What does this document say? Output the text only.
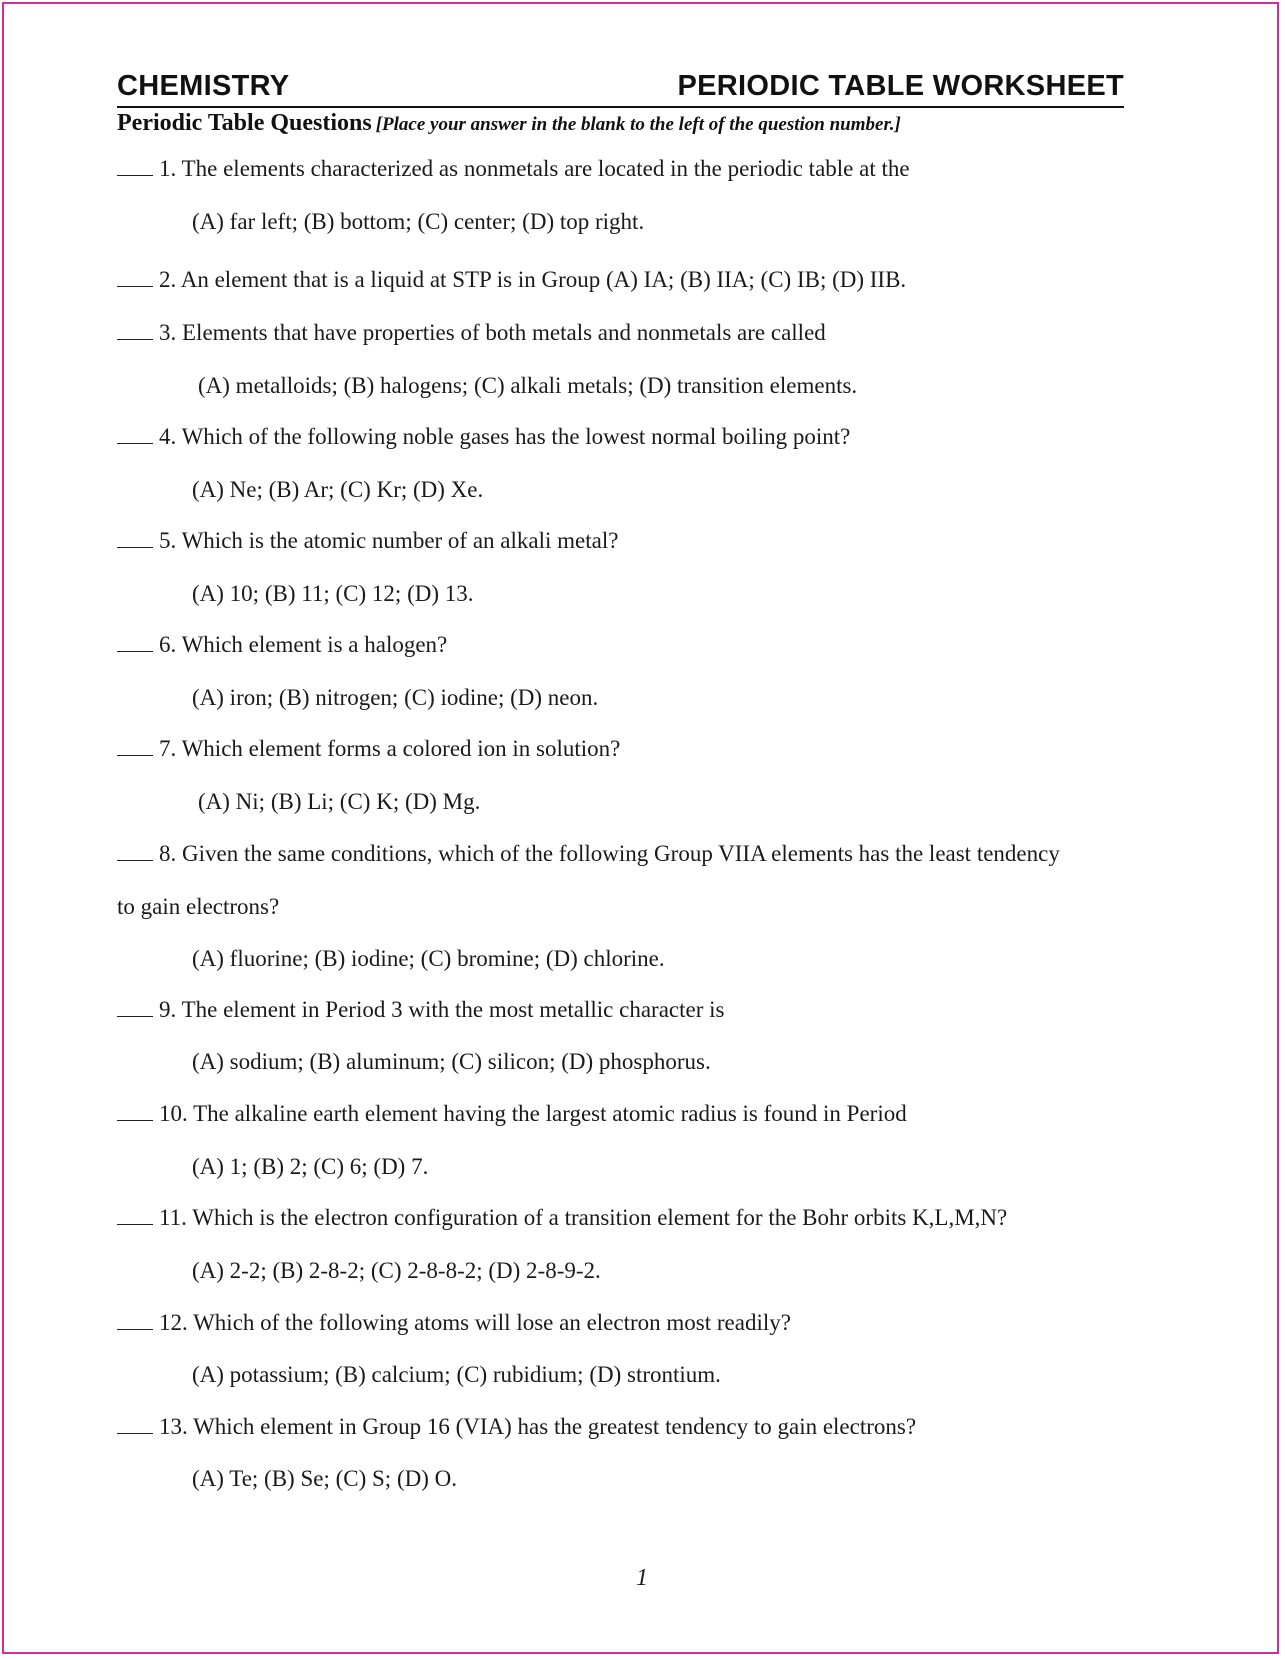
CHEMISTRY	PERIODIC TABLE WORKSHEET
Periodic Table Questions [Place your answer in the blank to the left of the question number.]
1. The elements characterized as nonmetals are located in the periodic table at the
(A) far left; (B) bottom; (C) center; (D) top right.
2. An element that is a liquid at STP is in Group (A) IA; (B) IIA; (C) IB; (D) IIB.
3. Elements that have properties of both metals and nonmetals are called
(A) metalloids; (B) halogens; (C) alkali metals; (D) transition elements.
4. Which of the following noble gases has the lowest normal boiling point?
(A) Ne; (B) Ar; (C) Kr; (D) Xe.
5. Which is the atomic number of an alkali metal?
(A) 10; (B) 11; (C) 12; (D) 13.
6. Which element is a halogen?
(A) iron; (B) nitrogen; (C) iodine; (D) neon.
7. Which element forms a colored ion in solution?
(A) Ni; (B) Li; (C) K; (D) Mg.
8. Given the same conditions, which of the following Group VIIA elements has the least tendency
to gain electrons?
(A) fluorine; (B) iodine; (C) bromine; (D) chlorine.
9. The element in Period 3 with the most metallic character is
(A) sodium; (B) aluminum; (C) silicon; (D) phosphorus.
10. The alkaline earth element having the largest atomic radius is found in Period
(A) 1; (B) 2; (C) 6; (D) 7.
11. Which is the electron configuration of a transition element for the Bohr orbits K,L,M,N?
(A) 2-2; (B) 2-8-2; (C) 2-8-8-2; (D) 2-8-9-2.
12. Which of the following atoms will lose an electron most readily?
(A) potassium; (B) calcium; (C) rubidium; (D) strontium.
13. Which element in Group 16 (VIA) has the greatest tendency to gain electrons?
(A) Te; (B) Se; (C) S; (D) O.
1
